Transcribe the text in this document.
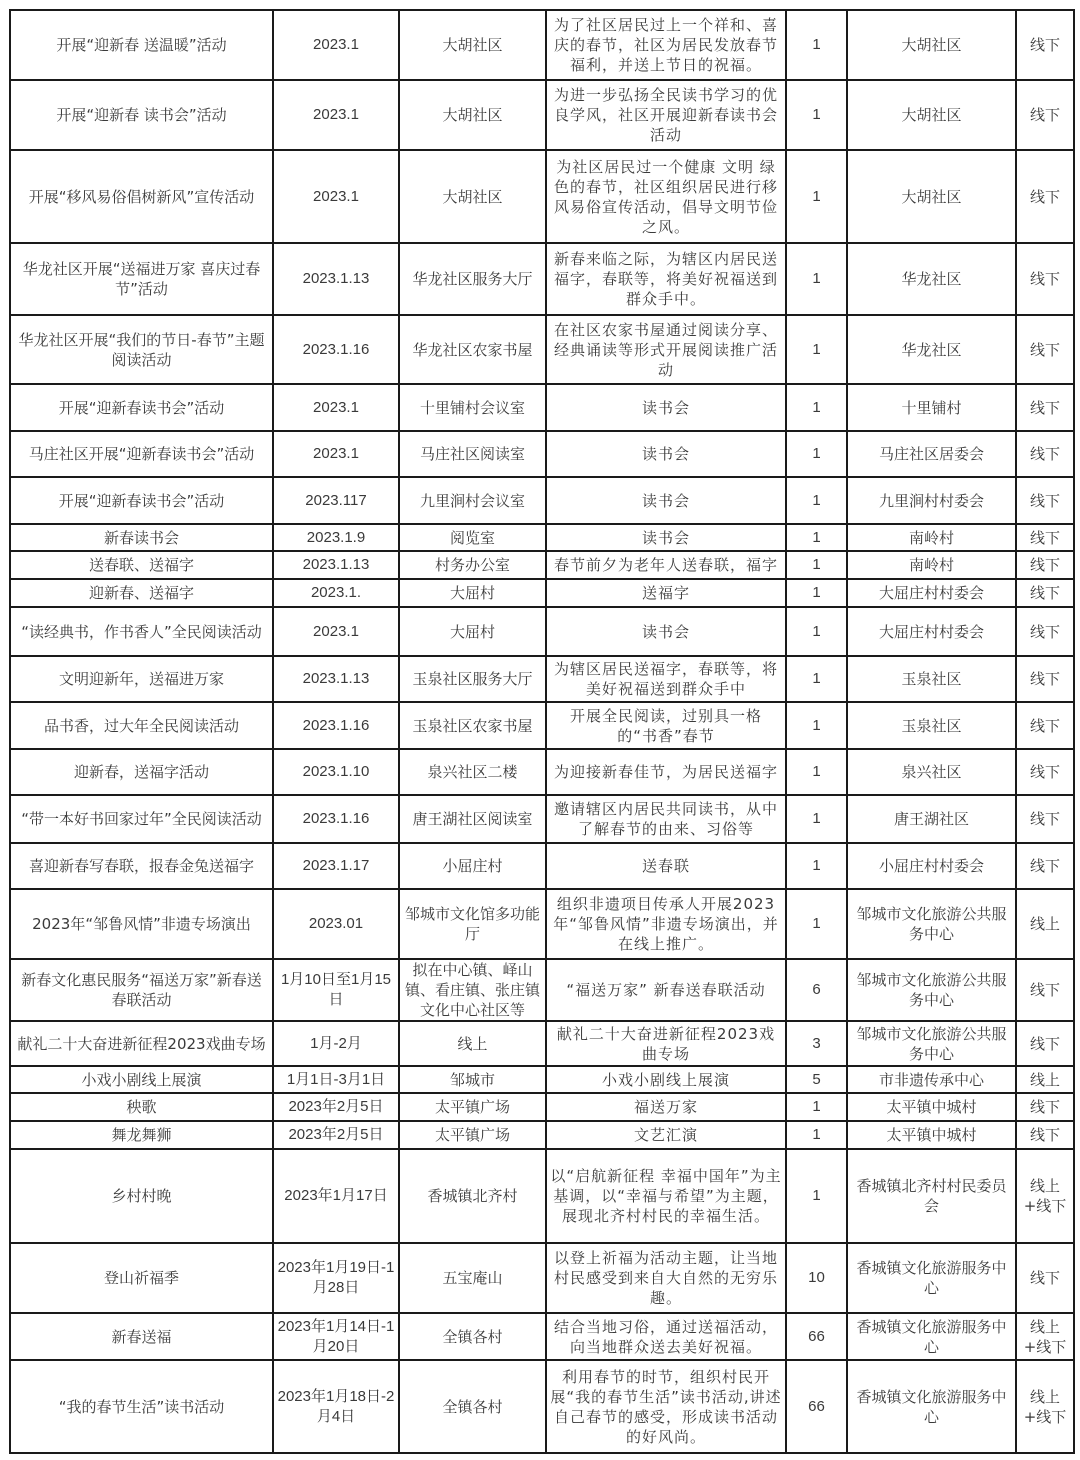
开展“迎新春 送温暖”活动	2023.1	大胡社区	为了社区居民过上一个祥和、喜庆的春节，社区为居民发放春节福利，并送上节日的祝福。	1	大胡社区	线下
开展“迎新春 读书会”活动	2023.1	大胡社区	为进一步弘扬全民读书学习的优良学风，社区开展迎新春读书会活动	1	大胡社区	线下
开展“移风易俗倡树新风”宣传活动	2023.1	大胡社区	为社区居民过一个健康 文明 绿色的春节，社区组织居民进行移风易俗宣传活动，倡导文明节俭之风。	1	大胡社区	线下
华龙社区开展“送福进万家 喜庆过春节”活动	2023.1.13	华龙社区服务大厅	新春来临之际，为辖区内居民送福字，春联等，将美好祝福送到群众手中。	1	华龙社区	线下
华龙社区开展“我们的节日-春节”主题阅读活动	2023.1.16	华龙社区农家书屋	在社区农家书屋通过阅读分享、经典诵读等形式开展阅读推广活动	1	华龙社区	线下
开展“迎新春读书会”活动	2023.1	十里铺村会议室	读书会	1	十里铺村	线下
马庄社区开展“迎新春读书会”活动	2023.1	马庄社区阅读室	读书会	1	马庄社区居委会	线下
开展“迎新春读书会”活动	2023.117	九里涧村会议室	读书会	1	九里涧村村委会	线下
新春读书会	2023.1.9	阅览室	读书会	1	南岭村	线下
送春联、送福字	2023.1.13	村务办公室	春节前夕为老年人送春联，福字	1	南岭村	线下
迎新春、送福字	2023.1.	大屈村	送福字	1	大屈庄村村委会	线下
“读经典书，作书香人”全民阅读活动	2023.1	大屈村	读书会	1	大屈庄村村委会	线下
文明迎新年，送福进万家	2023.1.13	玉泉社区服务大厅	为辖区居民送福字，春联等，将美好祝福送到群众手中	1	玉泉社区	线下
品书香，过大年全民阅读活动	2023.1.16	玉泉社区农家书屋	开展全民阅读，过别具一格的“书香”春节	1	玉泉社区	线下
迎新春，送福字活动	2023.1.10	泉兴社区二楼	为迎接新春佳节，为居民送福字	1	泉兴社区	线下
“带一本好书回家过年”全民阅读活动	2023.1.16	唐王湖社区阅读室	邀请辖区内居民共同读书，从中了解春节的由来、习俗等	1	唐王湖社区	线下
喜迎新春写春联，报春金兔送福字	2023.1.17	小屈庄村	送春联	1	小屈庄村村委会	线下
2023年“邹鲁风情”非遗专场演出	2023.01	邹城市文化馆多功能厅	组织非遗项目传承人开展2023年“邹鲁风情”非遗专场演出，并在线上推广。	1	邹城市文化旅游公共服务中心	线上
新春文化惠民服务“福送万家”新春送春联活动	1月10日至1月15日	拟在中心镇、峄山镇、看庄镇、张庄镇文化中心社区等	“福送万家” 新春送春联活动	6	邹城市文化旅游公共服务中心	线下
献礼二十大奋进新征程2023戏曲专场	1月-2月	线上	献礼二十大奋进新征程2023戏曲专场	3	邹城市文化旅游公共服务中心	线下
小戏小剧线上展演	1月1日-3月1日	邹城市	小戏小剧线上展演	5	市非遗传承中心	线上
秧歌	2023年2月5日	太平镇广场	福送万家	1	太平镇中城村	线下
舞龙舞狮	2023年2月5日	太平镇广场	文艺汇演	1	太平镇中城村	线下
乡村村晚	2023年1月17日	香城镇北齐村	以“启航新征程 幸福中国年”为主基调，以“幸福与希望”为主题，展现北齐村村民的幸福生活。	1	香城镇北齐村村民委员会	线上+线下
登山祈福季	2023年1月19日-1月28日	五宝庵山	以登上祈福为活动主题，让当地村民感受到来自大自然的无穷乐趣。	10	香城镇文化旅游服务中心	线下
新春送福	2023年1月14日-1月20日	全镇各村	结合当地习俗，通过送福活动，向当地群众送去美好祝福。	66	香城镇文化旅游服务中心	线上+线下
“我的春节生活”读书活动	2023年1月18日-2月4日	全镇各村	利用春节的时节，组织村民开展“我的春节生活”读书活动,讲述自己春节的感受，形成读书活动的好风尚。	66	香城镇文化旅游服务中心	线上+线下
